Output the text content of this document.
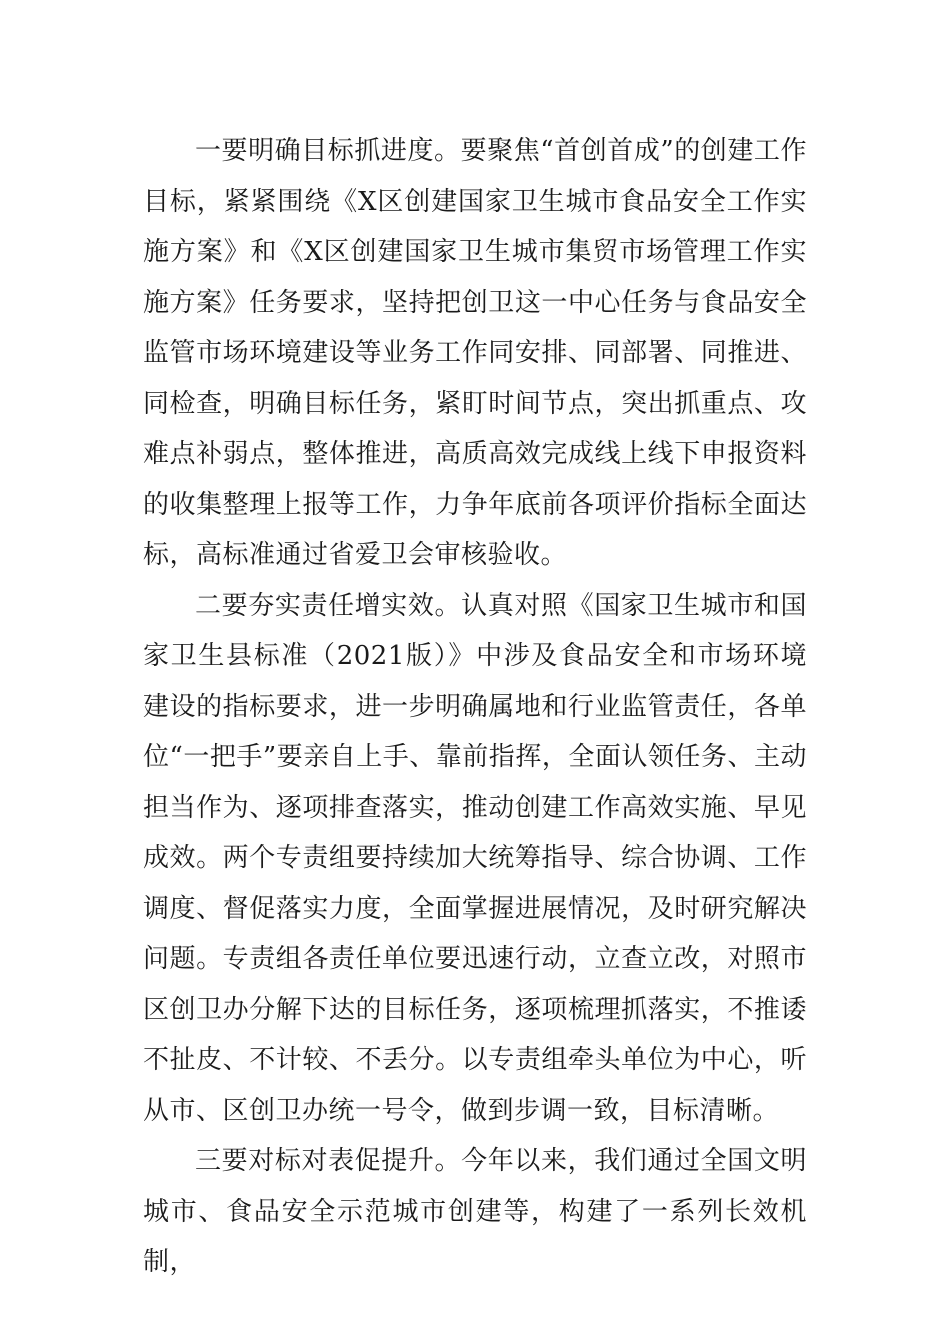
一要明确目标抓进度。要聚焦“首创首成”的创建工作目标，紧紧围绕《X区创建国家卫生城市食品安全工作实施方案》和《X区创建国家卫生城市集贸市场管理工作实施方案》任务要求，坚持把创卫这一中心任务与食品安全监管市场环境建设等业务工作同安排、同部署、同推进、同检查，明确目标任务，紧盯时间节点，突出抓重点、攻难点补弱点，整体推进，高质高效完成线上线下申报资料的收集整理上报等工作，力争年底前各项评价指标全面达标，高标准通过省爱卫会审核验收。

二要夯实责任增实效。认真对照《国家卫生城市和国家卫生县标准（2021版）》中涉及食品安全和市场环境建设的指标要求，进一步明确属地和行业监管责任，各单位“一把手”要亲自上手、靠前指挥，全面认领任务、主动担当作为、逐项排查落实，推动创建工作高效实施、早见成效。两个专责组要持续加大统筹指导、综合协调、工作调度、督促落实力度，全面掌握进展情况，及时研究解决问题。专责组各责任单位要迅速行动，立查立改，对照市区创卫办分解下达的目标任务，逐项梳理抓落实，不推诿不扯皮、不计较、不丢分。以专责组牵头单位为中心，听从市、区创卫办统一号令，做到步调一致，目标清晰。

三要对标对表促提升。今年以来，我们通过全国文明城市、食品安全示范城市创建等，构建了一系列长效机制，
